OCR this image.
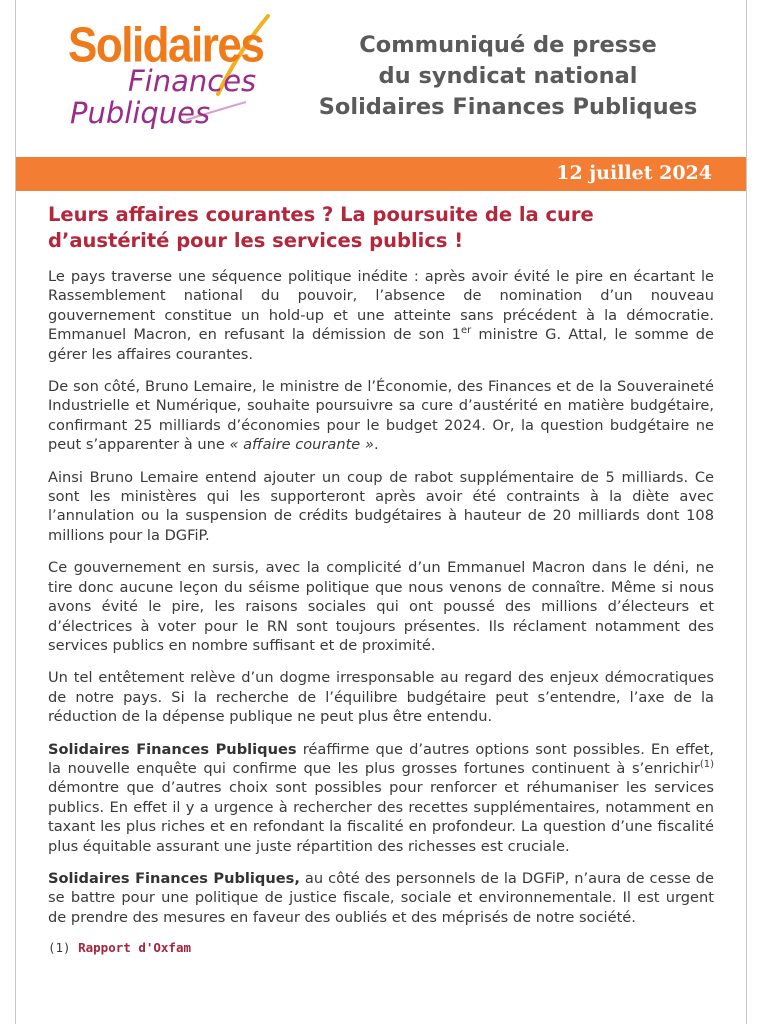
Solidaires
Finances
Publiques
Communiqué de presse
du syndicat national
Solidaires Finances Publiques
12 juillet 2024
Leurs affaires courantes ? La poursuite de la cure
d’austérité pour les services publics !

Le pays traverse une séquence politique inédite : après avoir évité le pire en écartant le Rassemblement national du pouvoir, l’absence de nomination d’un nouveau gouvernement constitue un hold-up et une atteinte sans précédent à la démocratie. Emmanuel Macron, en refusant la démission de son 1er ministre G. Attal, le somme de gérer les affaires courantes.

De son côté, Bruno Lemaire, le ministre de l’Économie, des Finances et de la Souveraineté Industrielle et Numérique, souhaite poursuivre sa cure d’austérité en matière budgétaire, confirmant 25 milliards d’économies pour le budget 2024. Or, la question budgétaire ne peut s’apparenter à une « affaire courante ».

Ainsi Bruno Lemaire entend ajouter un coup de rabot supplémentaire de 5 milliards. Ce sont les ministères qui les supporteront après avoir été contraints à la diète avec l’annulation ou la suspension de crédits budgétaires à hauteur de 20 milliards dont 108 millions pour la DGFiP.

Ce gouvernement en sursis, avec la complicité d’un Emmanuel Macron dans le déni, ne tire donc aucune leçon du séisme politique que nous venons de connaître. Même si nous avons évité le pire, les raisons sociales qui ont poussé des millions d’électeurs et d’électrices à voter pour le RN sont toujours présentes. Ils réclament notamment des services publics en nombre suffisant et de proximité.

Un tel entêtement relève d’un dogme irresponsable au regard des enjeux démocratiques de notre pays. Si la recherche de l’équilibre budgétaire peut s’entendre, l’axe de la réduction de la dépense publique ne peut plus être entendu.

Solidaires Finances Publiques réaffirme que d’autres options sont possibles. En effet, la nouvelle enquête qui confirme que les plus grosses fortunes continuent à s’enrichir$^{(1)}$ démontre que d’autres choix sont possibles pour renforcer et réhumaniser les services publics. En effet il y a urgence à rechercher des recettes supplémentaires, notamment en taxant les plus riches et en refondant la fiscalité en profondeur. La question d’une fiscalité plus équitable assurant une juste répartition des richesses est cruciale.

Solidaires Finances Publiques, au côté des personnels de la DGFiP, n’aura de cesse de se battre pour une politique de justice fiscale, sociale et environnementale. Il est urgent de prendre des mesures en faveur des oubliés et des méprisés de notre société.

(1) Rapport d'Oxfam
